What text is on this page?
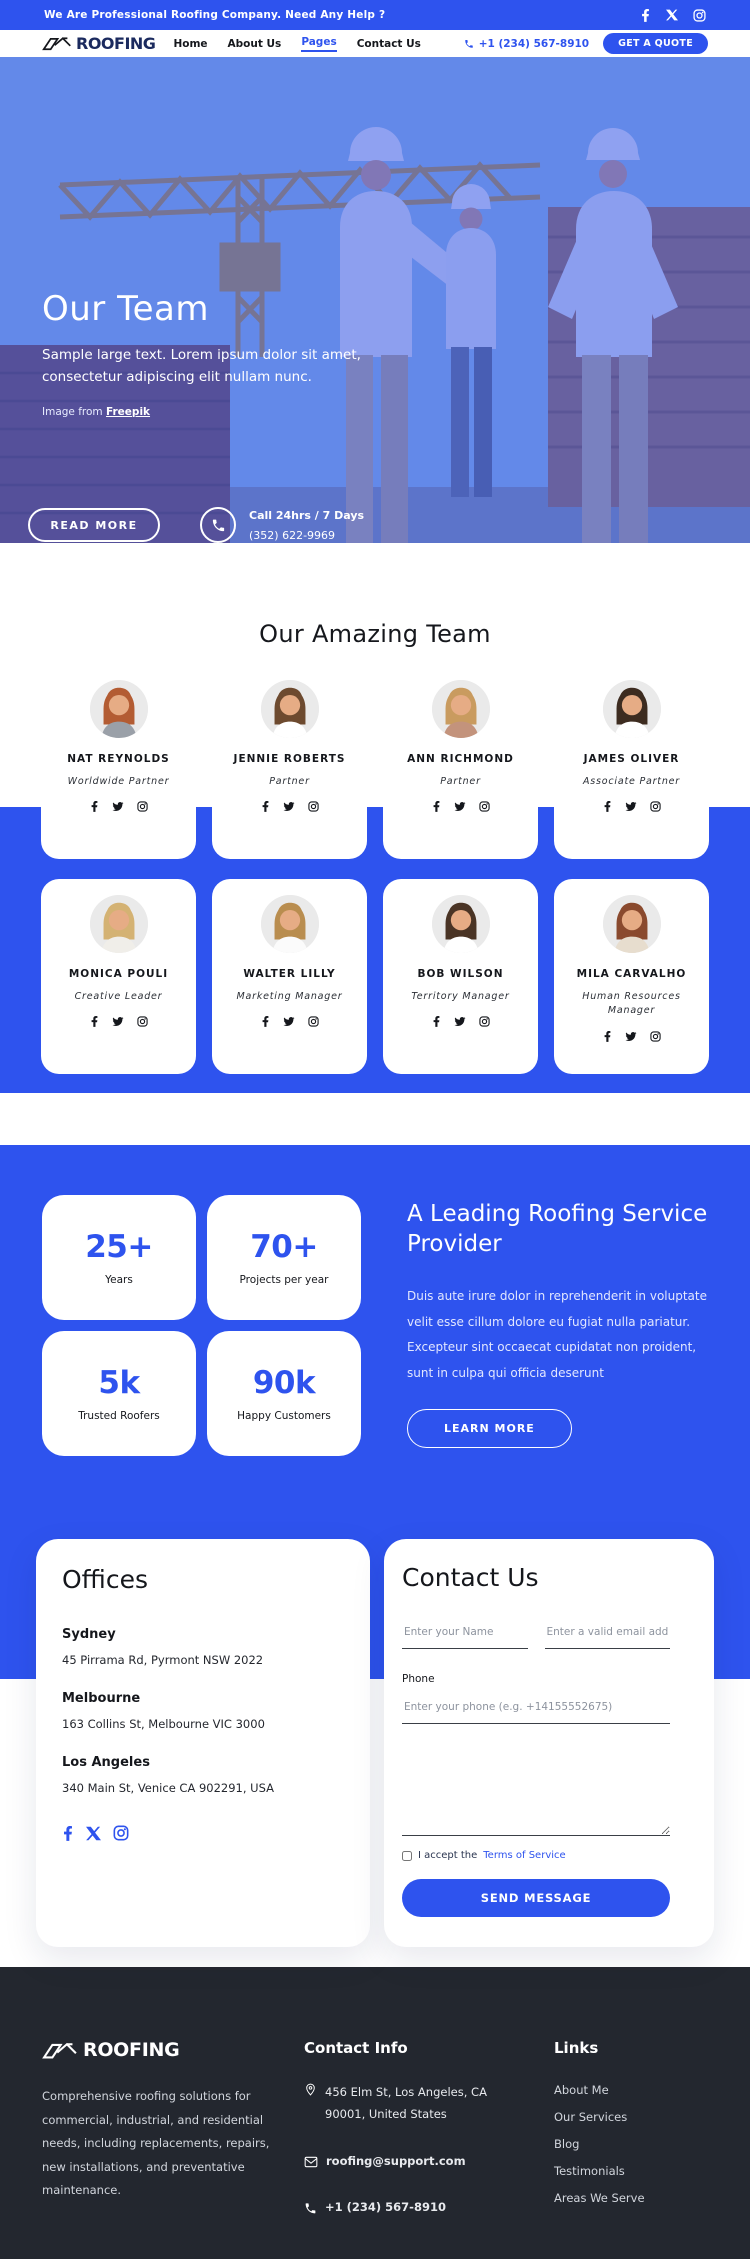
We Are Professional Roofing Company. Need Any Help ?
ROOFING Home About Us Pages Contact Us	+1 (234) 567-8910	GET A QUOTE
Our Team

Sample large text. Lorem ipsum dolor sit amet, consectetur adipiscing elit nullam nunc.

Image from Freepik

READ MORE
Call 24hrs / 7 Days
(352) 622-9969
Our Amazing Team
NAT REYNOLDS
Worldwide Partner
JENNIE ROBERTS
Partner
ANN RICHMOND
Partner
JAMES OLIVER
Associate Partner
MONICA POULI
Creative Leader
WALTER LILLY
Marketing Manager
BOB WILSON
Territory Manager
MILA CARVALHO
Human Resources Manager
25+
Years
70+
Projects per year
5k
Trusted Roofers
90k
Happy Customers
A Leading Roofing Service Provider

Duis aute irure dolor in reprehenderit in voluptate velit esse cillum dolore eu fugiat nulla pariatur. Excepteur sint occaecat cupidatat non proident, sunt in culpa qui officia deserunt

LEARN MORE
Offices
Sydney
45 Pirrama Rd, Pyrmont NSW 2022
Melbourne
163 Collins St, Melbourne VIC 3000
Los Angeles
340 Main St, Venice CA 902291, USA
Contact Us
Enter your Name
Enter a valid email address
Phone
Enter your phone (e.g. +14155552675)
I accept the Terms of Service
SEND MESSAGE
ROOFING

Comprehensive roofing solutions for commercial, industrial, and residential needs, including replacements, repairs, new installations, and preventative maintenance.

Contact Info
456 Elm St, Los Angeles, CA 90001, United States
roofing@support.com
+1 (234) 567-8910
Links
About Me
Our Services
Blog
Testimonials
Areas We Serve
